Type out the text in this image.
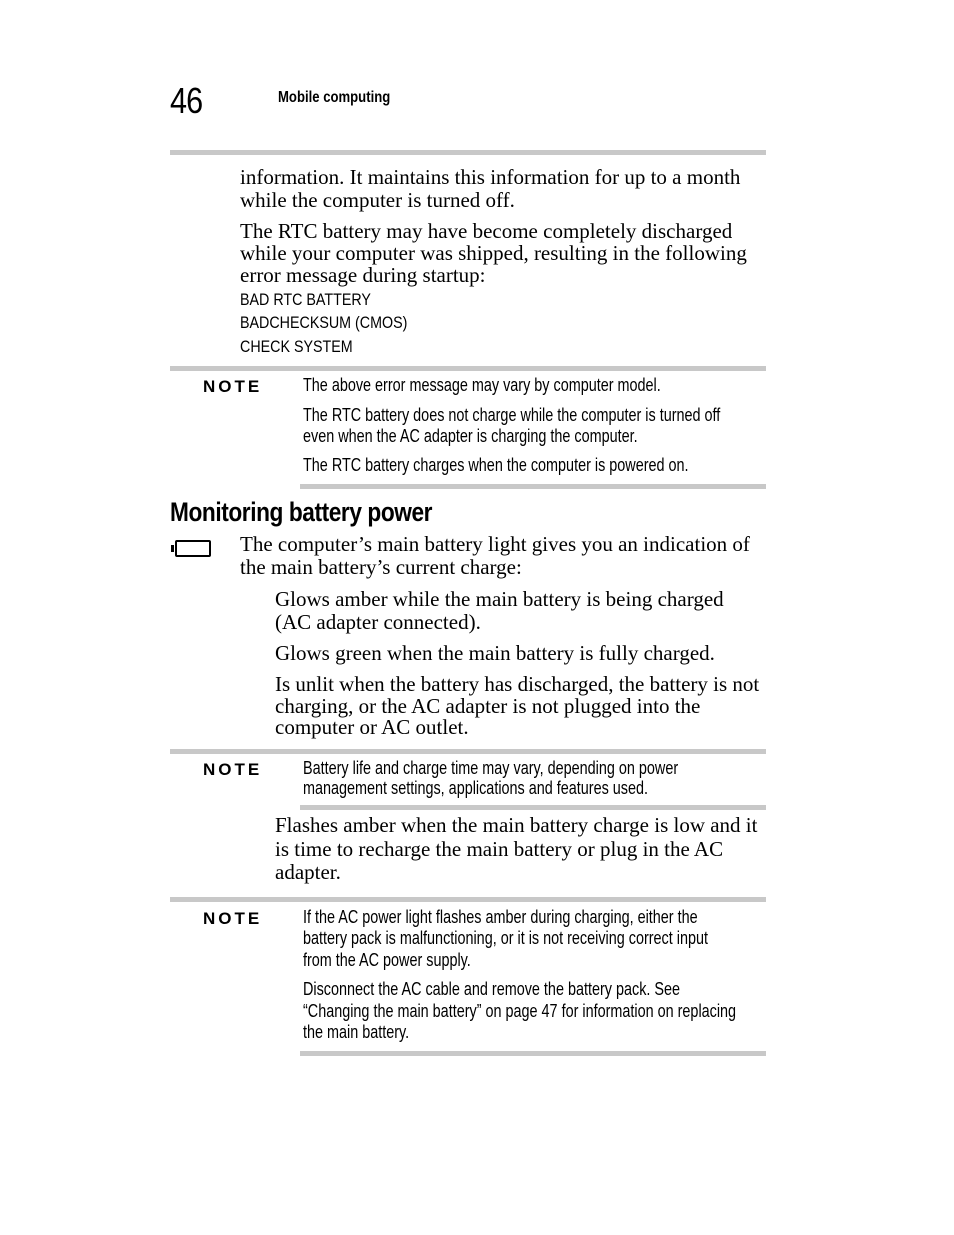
46	Mobile computing
information. It maintains this information for up to a month
while the computer is turned off.
The RTC battery may have become completely discharged
while your computer was shipped, resulting in the following
error message during startup:
BAD RTC BATTERY
BADCHECKSUM (CMOS)
CHECK SYSTEM
NOTE The above error message may vary by computer model.
The RTC battery does not charge while the computer is turned off
even when the AC adapter is charging the computer.
The RTC battery charges when the computer is powered on.
Monitoring battery power
The computer’s main battery light gives you an indication of
the main battery’s current charge:
Glows amber while the main battery is being charged
(AC adapter connected).
Glows green when the main battery is fully charged.
Is unlit when the battery has discharged, the battery is not
charging, or the AC adapter is not plugged into the
computer or AC outlet.
NOTE Battery life and charge time may vary, depending on power
management settings, applications and features used.
Flashes amber when the main battery charge is low and it
is time to recharge the main battery or plug in the AC
adapter.
NOTE If the AC power light flashes amber during charging, either the
battery pack is malfunctioning, or it is not receiving correct input
from the AC power supply.
Disconnect the AC cable and remove the battery pack. See
“Changing the main battery” on page 47 for information on replacing
the main battery.
